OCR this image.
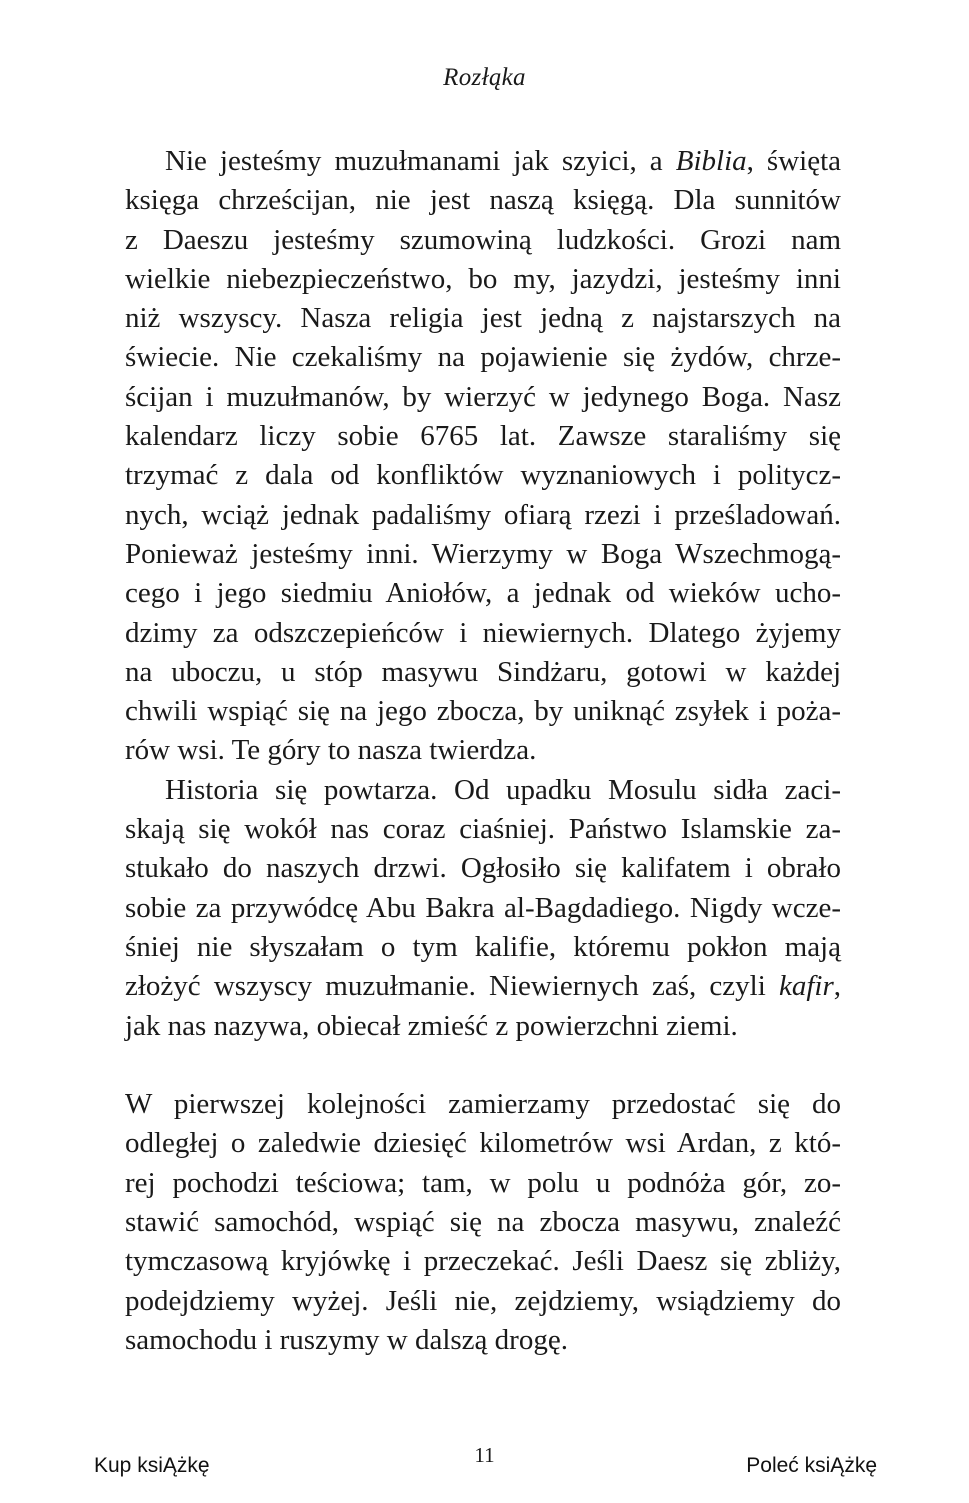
Rozłąka
Nie jesteśmy muzułmanami jak szyici, a Biblia, święta
księga chrześcijan, nie jest naszą księgą. Dla sunnitów
z Daeszu jesteśmy szumowiną ludzkości. Grozi nam
wielkie niebezpieczeństwo, bo my, jazydzi, jesteśmy inni
niż wszyscy. Nasza religia jest jedną z najstarszych na
świecie. Nie czekaliśmy na pojawienie się żydów, chrze-
ścijan i muzułmanów, by wierzyć w jedynego Boga. Nasz
kalendarz liczy sobie 6765 lat. Zawsze staraliśmy się
trzymać z dala od konfliktów wyznaniowych i politycz-
nych, wciąż jednak padaliśmy ofiarą rzezi i prześladowań.
Ponieważ jesteśmy inni. Wierzymy w Boga Wszechmogą-
cego i jego siedmiu Aniołów, a jednak od wieków ucho-
dzimy za odszczepieńców i niewiernych. Dlatego żyjemy
na uboczu, u stóp masywu Sindżaru, gotowi w każdej
chwili wspiąć się na jego zbocza, by uniknąć zsyłek i poża-
rów wsi. Te góry to nasza twierdza.
Historia się powtarza. Od upadku Mosulu sidła zaci-
skają się wokół nas coraz ciaśniej. Państwo Islamskie za-
stukało do naszych drzwi. Ogłosiło się kalifatem i obrało
sobie za przywódcę Abu Bakra al-Bagdadiego. Nigdy wcze-
śniej nie słyszałam o tym kalifie, któremu pokłon mają
złożyć wszyscy muzułmanie. Niewiernych zaś, czyli kafir,
jak nas nazywa, obiecał zmieść z powierzchni ziemi.
W pierwszej kolejności zamierzamy przedostać się do
odległej o zaledwie dziesięć kilometrów wsi Ardan, z któ-
rej pochodzi teściowa; tam, w polu u podnóża gór, zo-
stawić samochód, wspiąć się na zbocza masywu, znaleźć
tymczasową kryjówkę i przeczekać. Jeśli Daesz się zbliży,
podejdziemy wyżej. Jeśli nie, zejdziemy, wsiądziemy do
samochodu i ruszymy w dalszą drogę.
11
Kup ksiĄżkę	Poleć ksiĄżkę
